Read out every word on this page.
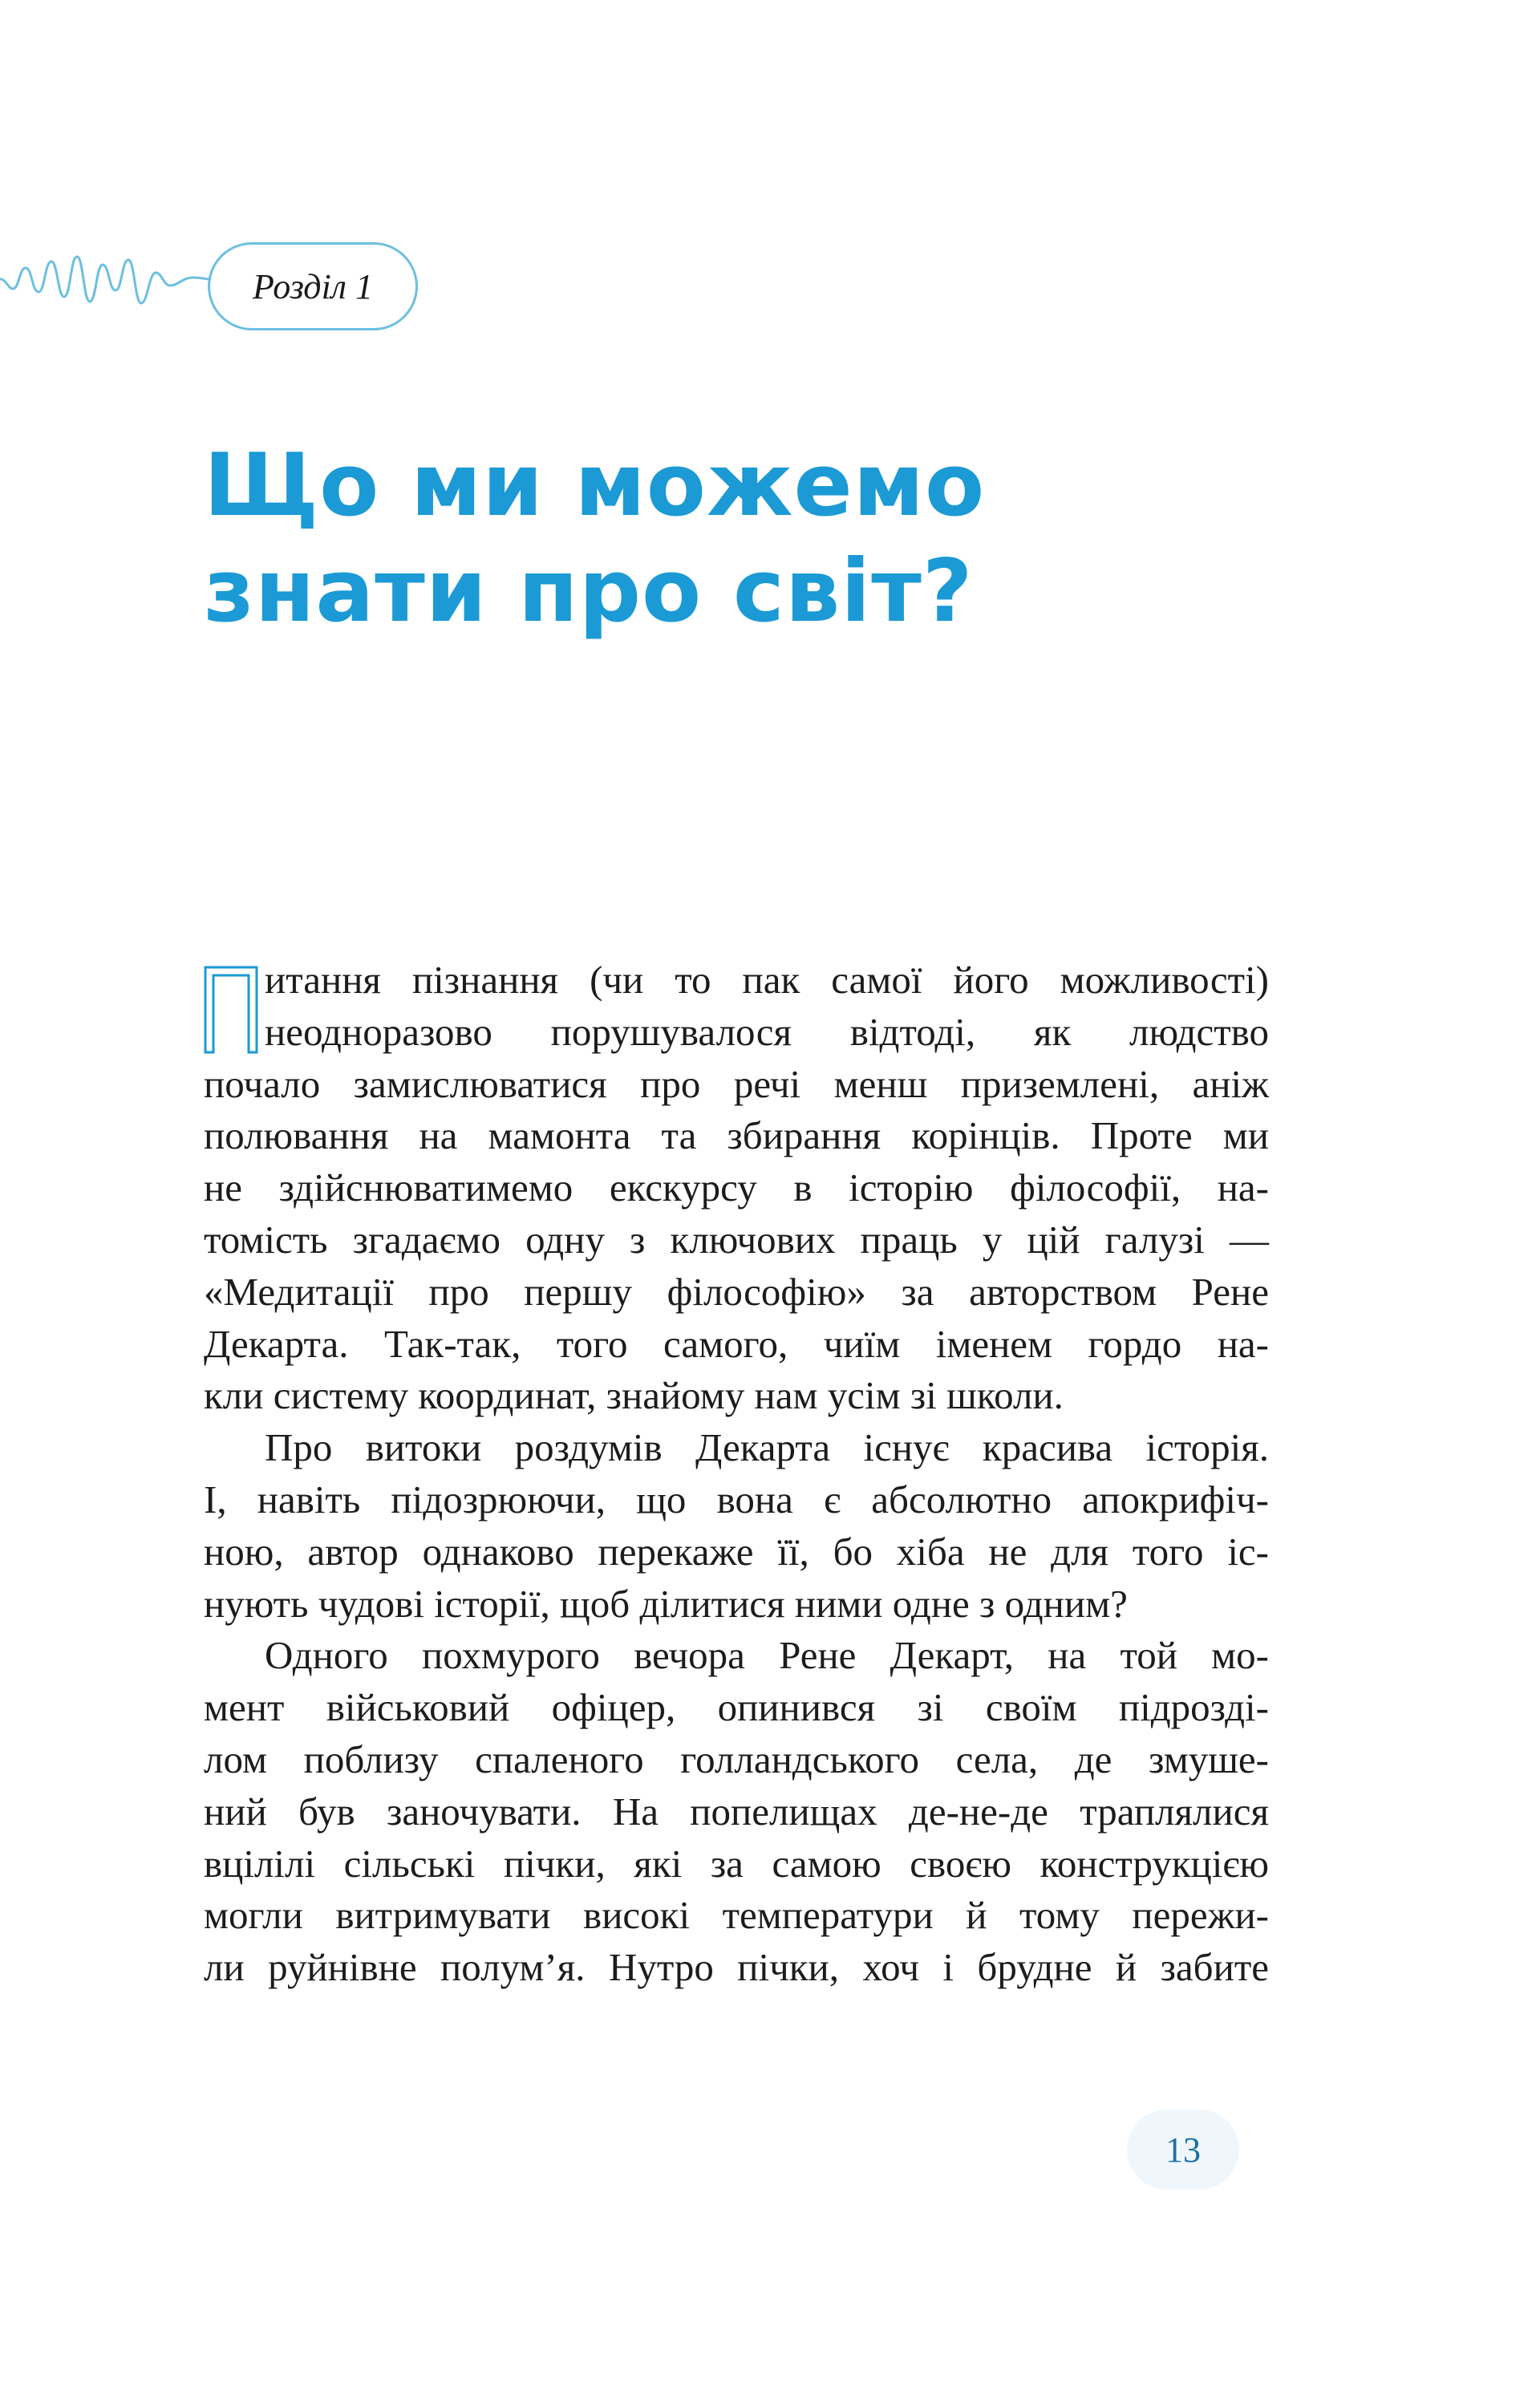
Розділ 1
Що ми можемо
знати про світ?
итання пізнання (чи то пак самої його можливості)
неодноразово порушувалося відтоді, як людство
почало замислюватися про речі менш приземлені, аніж
полювання на мамонта та збирання корінців. Проте ми
не здійснюватимемо екскурсу в історію філософії, на-
томість згадаємо одну з ключових праць у цій галузі —
«Медитації про першу філософію» за авторством Рене
Декарта. Так-так, того самого, чиїм іменем гордо на-
кли систему координат, знайому нам усім зі школи.
Про витоки роздумів Декарта існує красива історія.
І, навіть підозрюючи, що вона є абсолютно апокрифіч-
ною, автор однаково перекаже її, бо хіба не для того іс-
нують чудові історії, щоб ділитися ними одне з одним?
Одного похмурого вечора Рене Декарт, на той мо-
мент військовий офіцер, опинився зі своїм підрозді-
лом поблизу спаленого голландського села, де змуше-
ний був заночувати. На попелищах де-не-де траплялися
вцілілі сільські пічки, які за самою своєю конструкцією
могли витримувати високі температури й тому пережи-
ли руйнівне полум’я. Нутро пічки, хоч і брудне й забите
13
